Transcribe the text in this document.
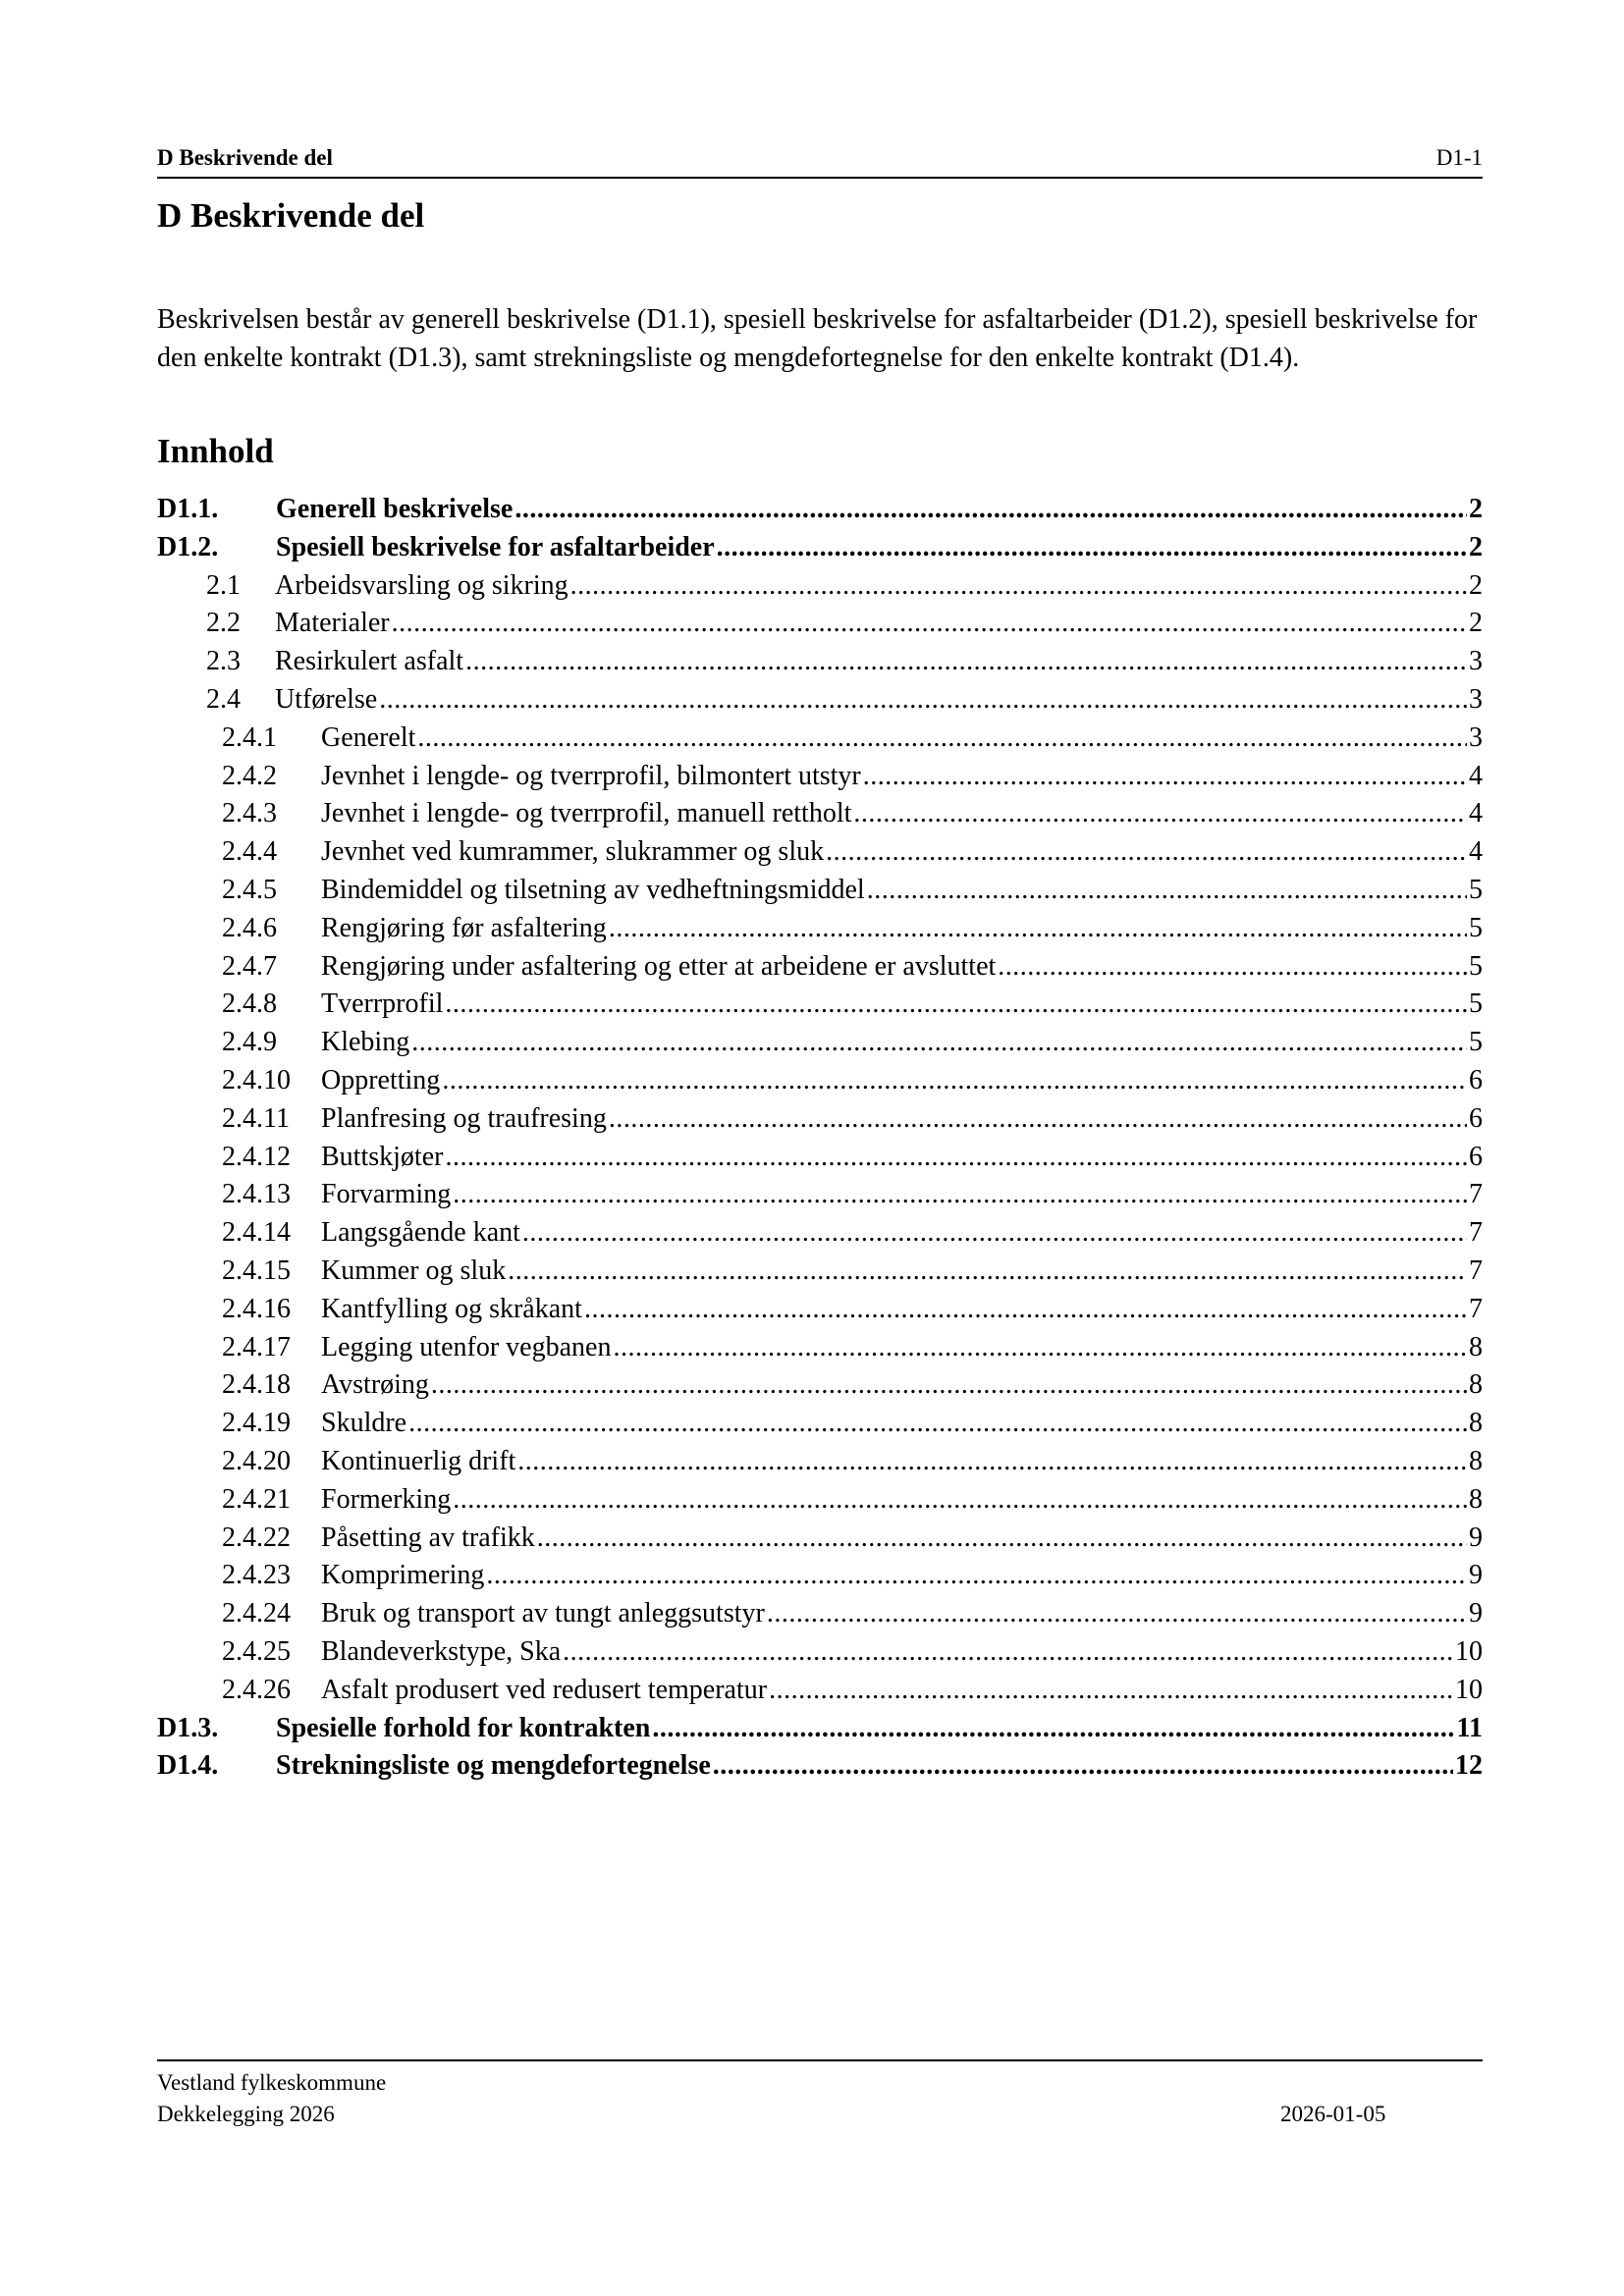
D Beskrivende del	D1-1
D Beskrivende del

Beskrivelsen består av generell beskrivelse (D1.1), spesiell beskrivelse for asfaltarbeider (D1.2), spesiell beskrivelse for den enkelte kontrakt (D1.3), samt strekningsliste og mengdefortegnelse for den enkelte kontrakt (D1.4).

Innhold
D1.1.	Generell beskrivelse .....	2
D1.2.	Spesiell beskrivelse for asfaltarbeider .....	2
2.1	Arbeidsvarsling og sikring .....	2
2.2	Materialer .....	2
2.3	Resirkulert asfalt .....	3
2.4	Utførelse .....	3
2.4.1	Generelt .....	3
2.4.2	Jevnhet i lengde- og tverrprofil, bilmontert utstyr .....	4
2.4.3	Jevnhet i lengde- og tverrprofil, manuell rettholt .....	4
2.4.4	Jevnhet ved kumrammer, slukrammer og sluk .....	4
2.4.5	Bindemiddel og tilsetning av vedheftningsmiddel .....	5
2.4.6	Rengjøring før asfaltering .....	5
2.4.7	Rengjøring under asfaltering og etter at arbeidene er avsluttet .....	5
2.4.8	Tverrprofil .....	5
2.4.9	Klebing .....	5
2.4.10	Oppretting .....	6
2.4.11	Planfresing og traufresing .....	6
2.4.12	Buttskjøter .....	6
2.4.13	Forvarming .....	7
2.4.14	Langsgående kant .....	7
2.4.15	Kummer og sluk .....	7
2.4.16	Kantfylling og skråkant .....	7
2.4.17	Legging utenfor vegbanen .....	8
2.4.18	Avstrøing .....	8
2.4.19	Skuldre .....	8
2.4.20	Kontinuerlig drift .....	8
2.4.21	Formerking .....	8
2.4.22	Påsetting av trafikk .....	9
2.4.23	Komprimering .....	9
2.4.24	Bruk og transport av tungt anleggsutstyr .....	9
2.4.25	Blandeverkstype, Ska .....	10
2.4.26	Asfalt produsert ved redusert temperatur .....	10
D1.3.	Spesielle forhold for kontrakten .....	11
D1.4.	Strekningsliste og mengdefortegnelse .....	12
Vestland fylkeskommune
Dekkelegging 2026	2026-01-05
